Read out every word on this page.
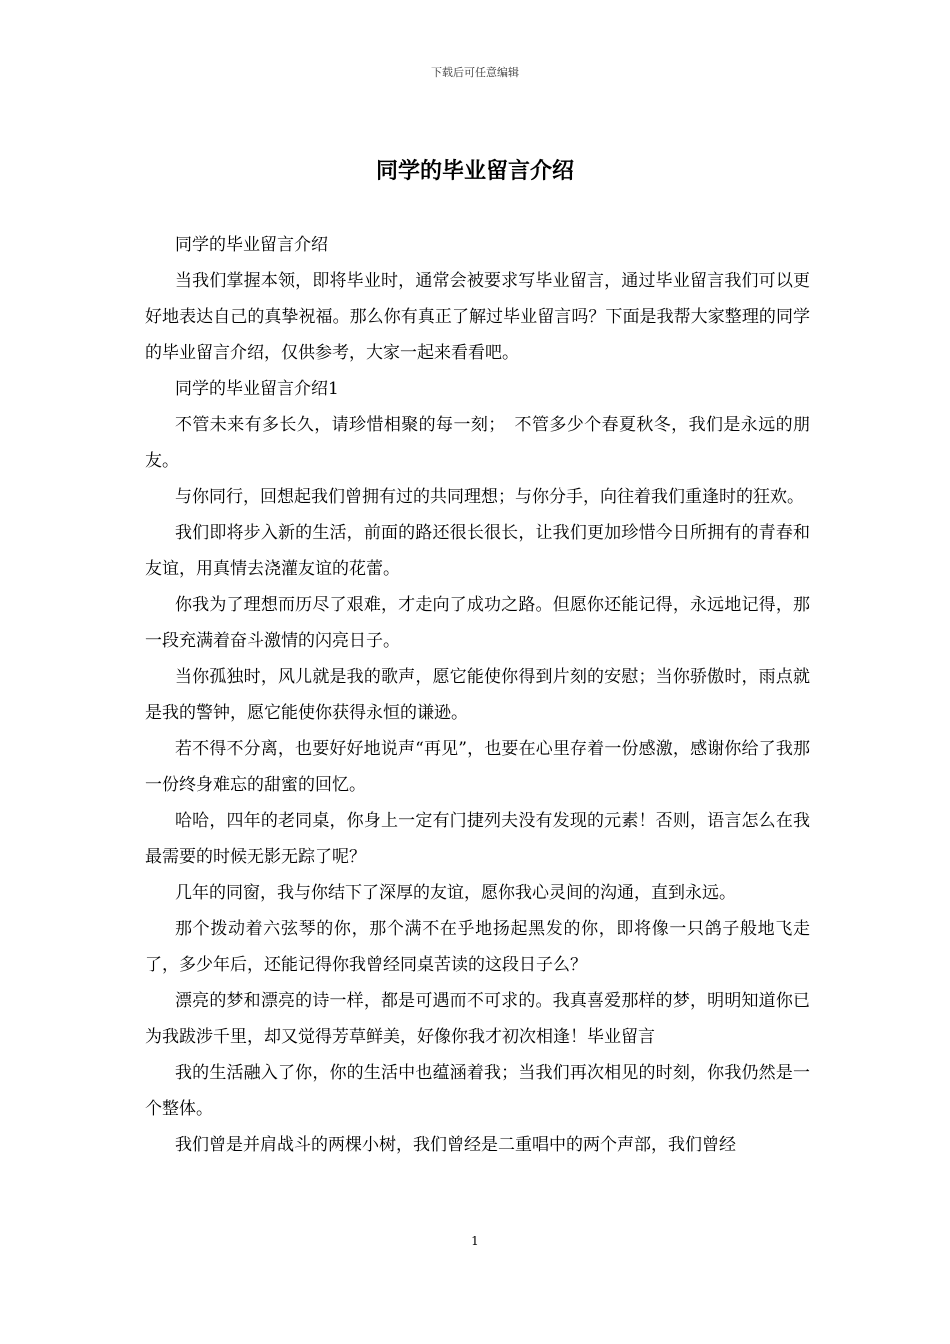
下载后可任意编辑
同学的毕业留言介绍

同学的毕业留言介绍

当我们掌握本领，即将毕业时，通常会被要求写毕业留言，通过毕业留言我们可以更好地表达自己的真挚祝福。那么你有真正了解过毕业留言吗？下面是我帮大家整理的同学的毕业留言介绍，仅供参考，大家一起来看看吧。

同学的毕业留言介绍1

不管未来有多长久，请珍惜相聚的每一刻；　不管多少个春夏秋冬，我们是永远的朋友。

与你同行，回想起我们曾拥有过的共同理想；与你分手，向往着我们重逢时的狂欢。

我们即将步入新的生活，前面的路还很长很长，让我们更加珍惜今日所拥有的青春和友谊，用真情去浇灌友谊的花蕾。

你我为了理想而历尽了艰难，才走向了成功之路。但愿你还能记得，永远地记得，那一段充满着奋斗激情的闪亮日子。

当你孤独时，风儿就是我的歌声，愿它能使你得到片刻的安慰；当你骄傲时，雨点就是我的警钟，愿它能使你获得永恒的谦逊。

若不得不分离，也要好好地说声“再见”，也要在心里存着一份感激，感谢你给了我那一份终身难忘的甜蜜的回忆。

哈哈，四年的老同桌，你身上一定有门捷列夫没有发现的元素！否则，语言怎么在我最需要的时候无影无踪了呢？

几年的同窗，我与你结下了深厚的友谊，愿你我心灵间的沟通，直到永远。

那个拨动着六弦琴的你，那个满不在乎地扬起黑发的你，即将像一只鸽子般地飞走了，多少年后，还能记得你我曾经同桌苦读的这段日子么？

漂亮的梦和漂亮的诗一样，都是可遇而不可求的。我真喜爱那样的梦，明明知道你已为我跋涉千里，却又觉得芳草鲜美，好像你我才初次相逢！毕业留言

我的生活融入了你，你的生活中也蕴涵着我；当我们再次相见的时刻，你我仍然是一个整体。

我们曾是并肩战斗的两棵小树，我们曾经是二重唱中的两个声部，我们曾经

1
